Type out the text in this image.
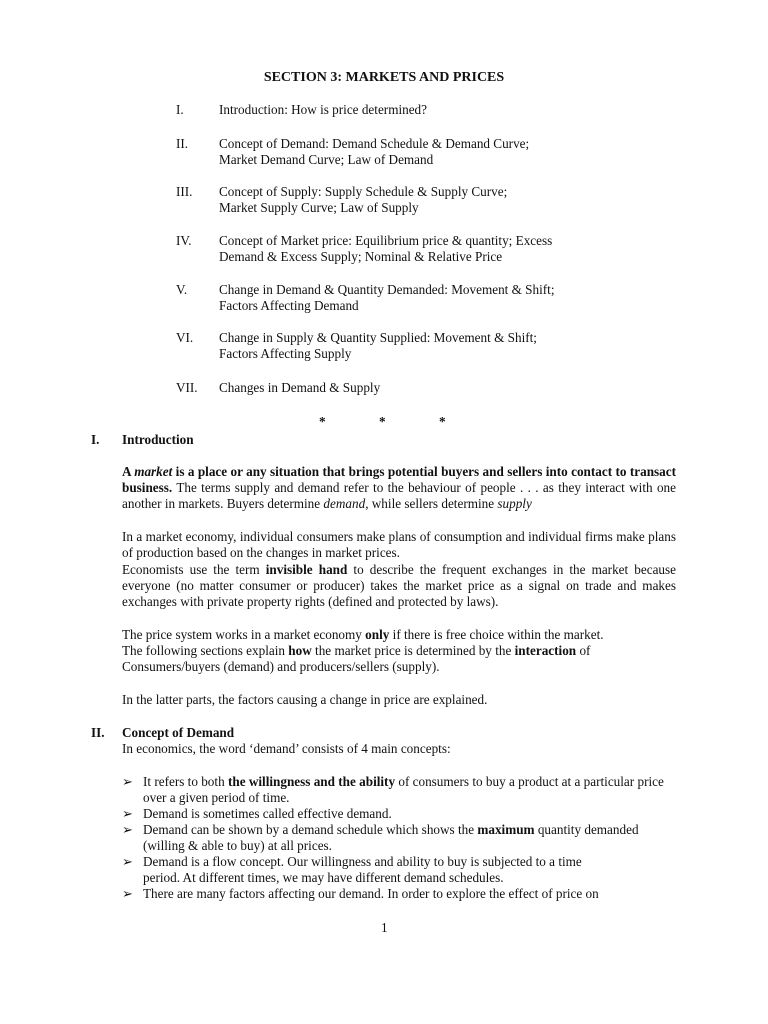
SECTION 3: MARKETS AND PRICES
I.	Introduction: How is price determined?
II. Concept of Demand: Demand Schedule & Demand Curve;
Market Demand Curve; Law of Demand
III. Concept of Supply: Supply Schedule & Supply Curve;
Market Supply Curve; Law of Supply
IV. Concept of Market price: Equilibrium price & quantity; Excess
Demand & Excess Supply; Nominal & Relative Price
V. Change in Demand & Quantity Demanded: Movement & Shift;
Factors Affecting Demand
VI. Change in Supply & Quantity Supplied: Movement & Shift;
Factors Affecting Supply
VII. Changes in Demand & Supply
*	*	*
I. Introduction
A market is a place or any situation that brings potential buyers and sellers into contact to transact business. The terms supply and demand refer to the behaviour of people . . . as they interact with one another in markets. Buyers determine demand, while sellers determine supply
In a market economy, individual consumers make plans of consumption and individual firms make plans of production based on the changes in market prices.
Economists use the term invisible hand to describe the frequent exchanges in the market because everyone (no matter consumer or producer) takes the market price as a signal on trade and makes exchanges with private property rights (defined and protected by laws).
The price system works in a market economy only if there is free choice within the market.
The following sections explain how the market price is determined by the interaction of
Consumers/buyers (demand) and producers/sellers (supply).
In the latter parts, the factors causing a change in price are explained.
II. Concept of Demand
In economics, the word ‘demand’ consists of 4 main concepts:
➢ It refers to both the willingness and the ability of consumers to buy a product at a particular price over a given period of time.
➢ Demand is sometimes called effective demand.
➢ Demand can be shown by a demand schedule which shows the maximum quantity demanded (willing & able to buy) at all prices.
➢ Demand is a flow concept. Our willingness and ability to buy is subjected to a time
period. At different times, we may have different demand schedules.
➢ There are many factors affecting our demand. In order to explore the effect of price on
1
